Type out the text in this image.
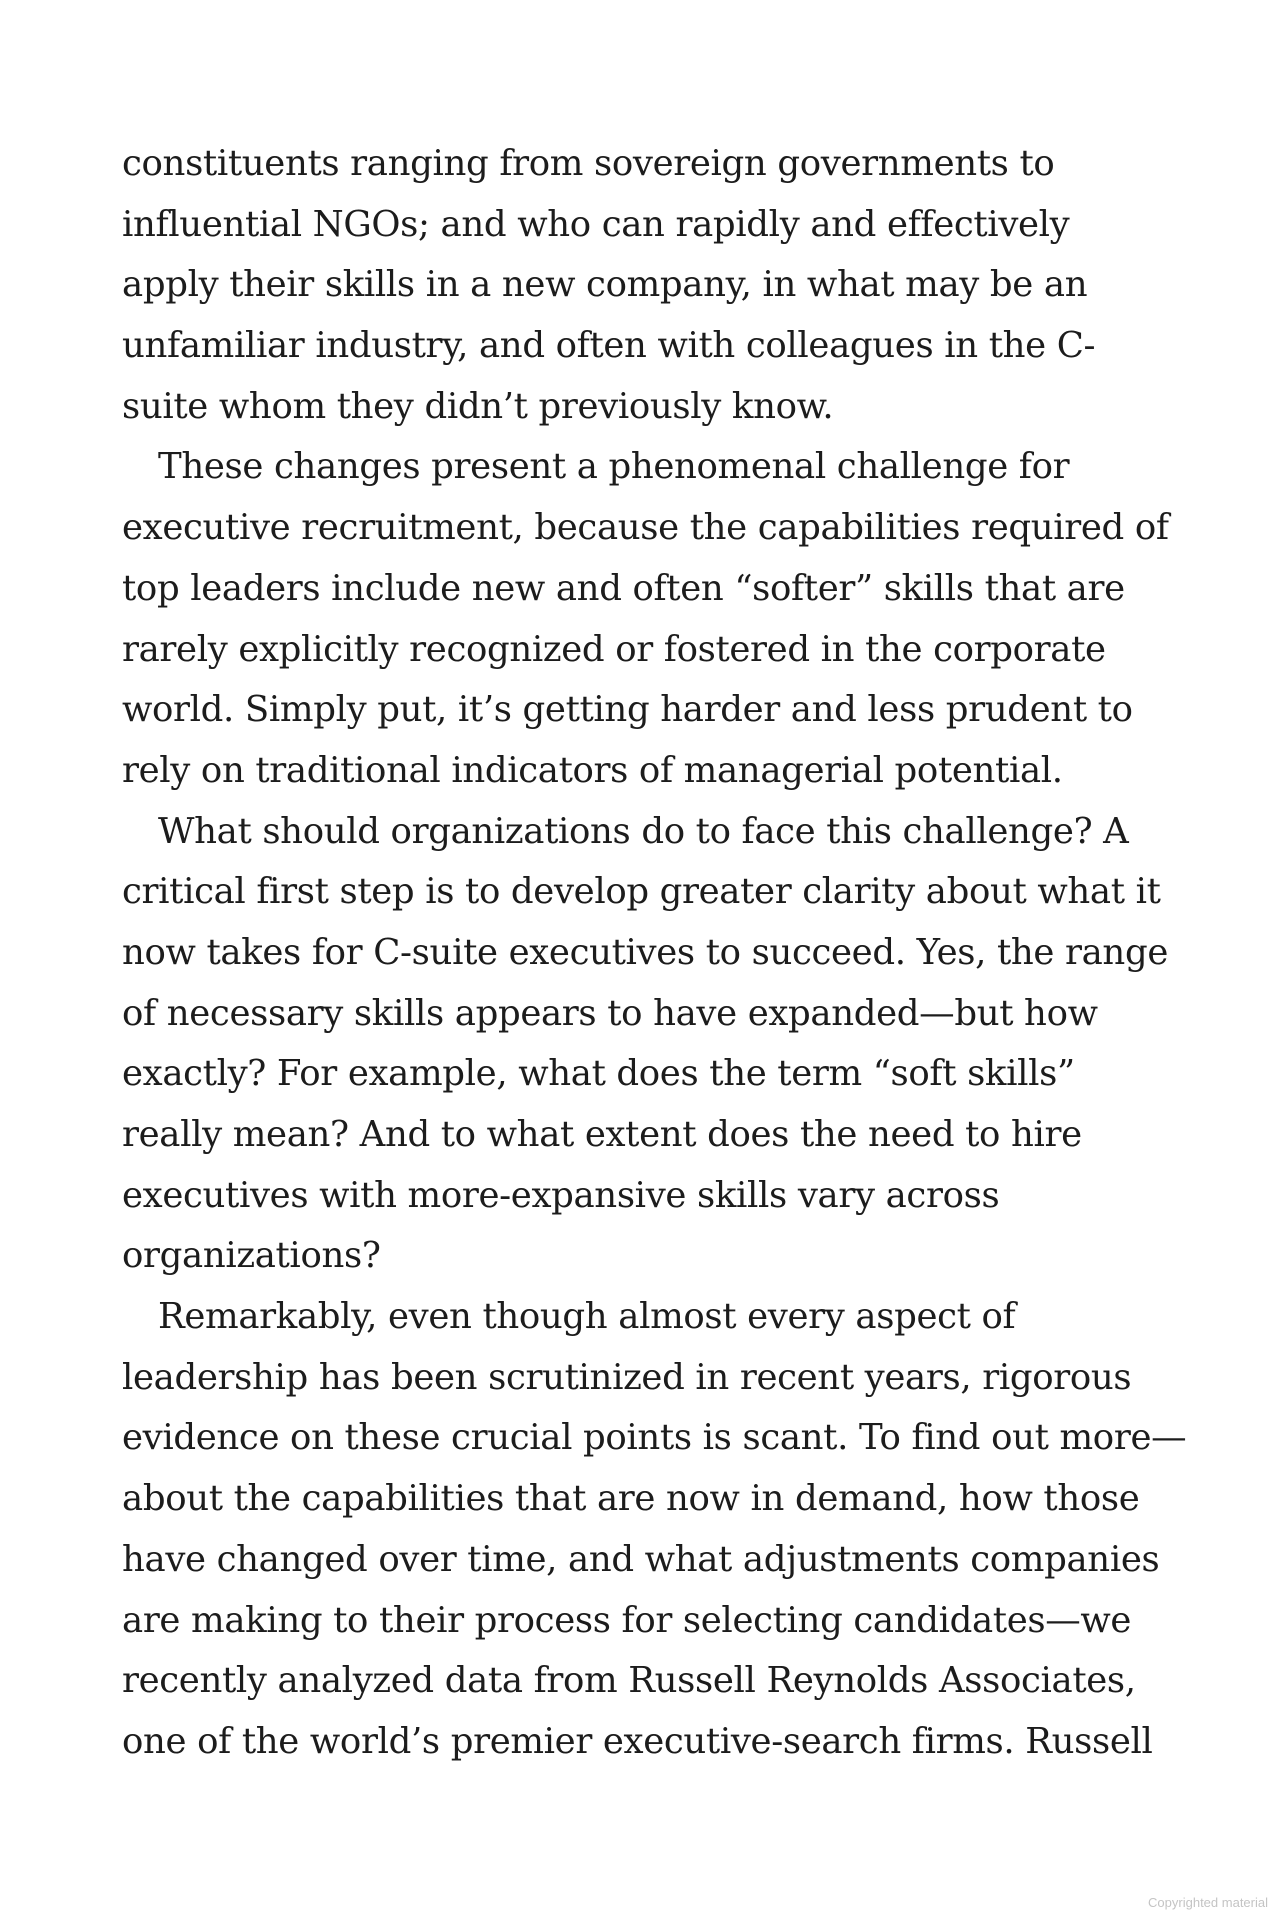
constituents ranging from sovereign governments to
influential NGOs; and who can rapidly and effectively
apply their skills in a new company, in what may be an
unfamiliar industry, and often with colleagues in the C-
suite whom they didn’t previously know.
These changes present a phenomenal challenge for
executive recruitment, because the capabilities required of
top leaders include new and often “softer” skills that are
rarely explicitly recognized or fostered in the corporate
world. Simply put, it’s getting harder and less prudent to
rely on traditional indicators of managerial potential.
What should organizations do to face this challenge? A
critical first step is to develop greater clarity about what it
now takes for C-suite executives to succeed. Yes, the range
of necessary skills appears to have expanded—but how
exactly? For example, what does the term “soft skills”
really mean? And to what extent does the need to hire
executives with more-expansive skills vary across
organizations?
Remarkably, even though almost every aspect of
leadership has been scrutinized in recent years, rigorous
evidence on these crucial points is scant. To find out more—
about the capabilities that are now in demand, how those
have changed over time, and what adjustments companies
are making to their process for selecting candidates—we
recently analyzed data from Russell Reynolds Associates,
one of the world’s premier executive-search firms. Russell
Copyrighted material
